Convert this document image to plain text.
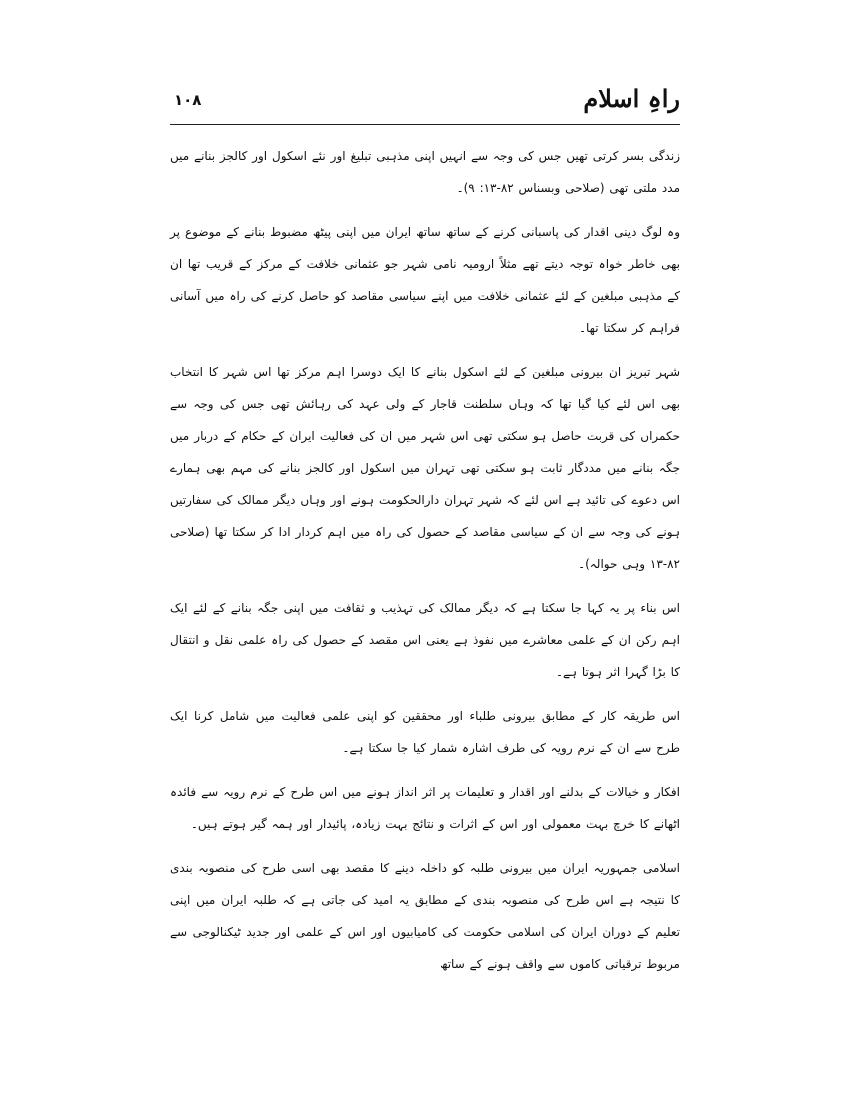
راہِ اسلام
۱۰۸

زندگی بسر کرتی تھیں جس کی وجہ سے انہیں اپنی مذہبی تبلیغ اور نئے اسکول اور کالجز بنانے میں مدد ملتی تھی (صلاحی وبسناس ۸۲-۱۳: ۹)۔

وہ لوگ دینی اقدار کی پاسبانی کرنے کے ساتھ ساتھ ایران میں اپنی پیٹھ مضبوط بنانے کے موضوع پر بھی خاطر خواہ توجہ دیتے تھے مثلاً ارومیہ نامی شہر جو عثمانی خلافت کے مرکز کے قریب تھا ان کے مذہبی مبلغین کے لئے عثمانی خلافت میں اپنے سیاسی مقاصد کو حاصل کرنے کی راہ میں آسانی فراہم کر سکتا تھا۔

شہر تبریز ان بیرونی مبلغین کے لئے اسکول بنانے کا ایک دوسرا اہم مرکز تھا اس شہر کا انتخاب بھی اس لئے کیا گیا تھا کہ وہاں سلطنت قاجار کے ولی عہد کی رہائش تھی جس کی وجہ سے حکمراں کی قربت حاصل ہو سکتی تھی اس شہر میں ان کی فعالیت ایران کے حکام کے دربار میں جگہ بنانے میں مددگار ثابت ہو سکتی تھی تہران میں اسکول اور کالجز بنانے کی مہم بھی ہمارے اس دعوے کی تائید ہے اس لئے کہ شہر تہران دارالحکومت ہونے اور وہاں دیگر ممالک کی سفارتیں ہونے کی وجہ سے ان کے سیاسی مقاصد کے حصول کی راہ میں اہم کردار ادا کر سکتا تھا (صلاحی ۸۲-۱۳ وہی حوالہ)۔

اس بناء پر یہ کہا جا سکتا ہے کہ دیگر ممالک کی تہذیب و ثقافت میں اپنی جگہ بنانے کے لئے ایک اہم رکن ان کے علمی معاشرے میں نفوذ ہے یعنی اس مقصد کے حصول کی راہ علمی نقل و انتقال کا بڑا گہرا اثر ہوتا ہے۔

اس طریقہ کار کے مطابق بیرونی طلباء اور محققین کو اپنی علمی فعالیت میں شامل کرنا ایک طرح سے ان کے نرم رویہ کی طرف اشارہ شمار کیا جا سکتا ہے۔

افکار و خیالات کے بدلنے اور اقدار و تعلیمات پر اثر انداز ہونے میں اس طرح کے نرم رویہ سے فائدہ اٹھانے کا خرچ بہت معمولی اور اس کے اثرات و نتائج بہت زیادہ، پائیدار اور ہمہ گیر ہوتے ہیں۔

اسلامی جمہوریہ ایران میں بیرونی طلبہ کو داخلہ دینے کا مقصد بھی اسی طرح کی منصوبہ بندی کا نتیجہ ہے اس طرح کی منصوبہ بندی کے مطابق یہ امید کی جاتی ہے کہ طلبہ ایران میں اپنی تعلیم کے دوران ایران کی اسلامی حکومت کی کامیابیوں اور اس کے علمی اور جدید ٹیکنالوجی سے مربوط ترقیاتی کاموں سے واقف ہونے کے ساتھ
